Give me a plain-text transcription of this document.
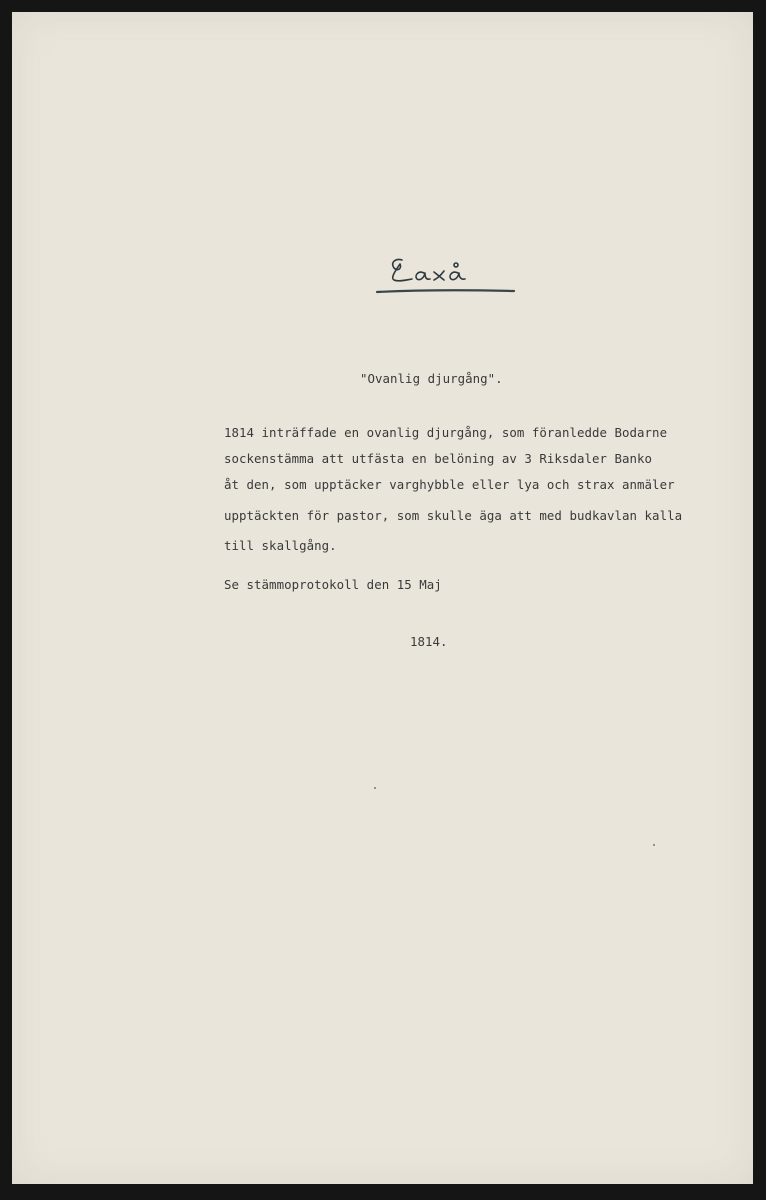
"Ovanlig djurgång".
1814 inträffade en ovanlig djurgång, som föranledde Bodarne
sockenstämma att utfästa en belöning av 3 Riksdaler Banko
åt den, som upptäcker varghybble eller lya och strax anmäler
upptäckten för pastor, som skulle äga att med budkavlan kalla
till skallgång.
Se stämmoprotokoll den 15 Maj
1814.
